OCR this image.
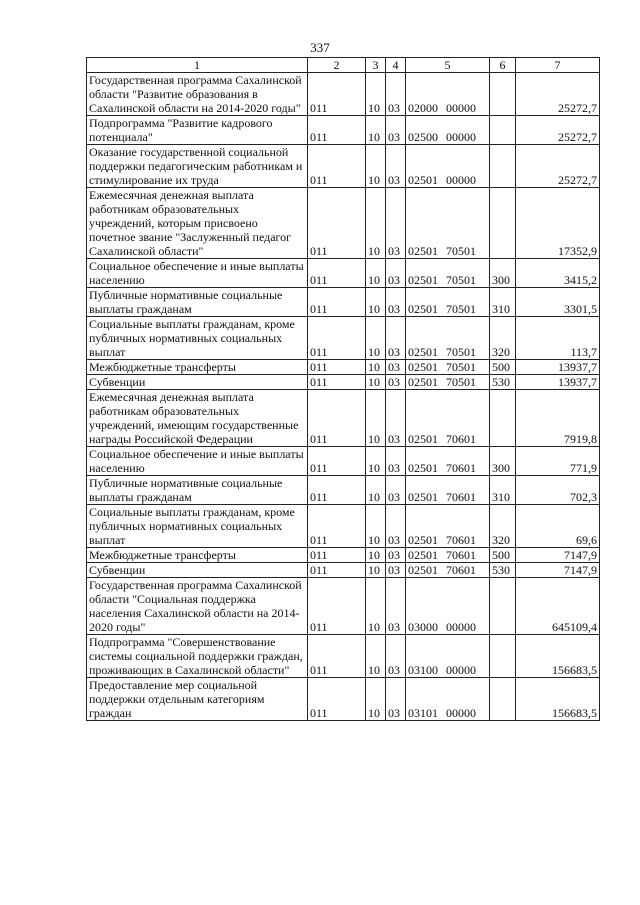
337
1	2	3	4	5	6	7
Государственная программа Сахалинской области "Развитие образования в Сахалинской области на 2014-2020 годы"	011	10	03	02000 00000		25272,7
Подпрограмма "Развитие кадрового потенциала"	011	10	03	02500 00000		25272,7
Оказание государственной социальной поддержки педагогическим работникам и стимулирование их труда	011	10	03	02501 00000		25272,7
Ежемесячная денежная выплата работникам образовательных учреждений, которым присвоено почетное звание "Заслуженный педагог Сахалинской области"	011	10	03	02501 70501		17352,9
Социальное обеспечение и иные выплаты населению	011	10	03	02501 70501	300	3415,2
Публичные нормативные социальные выплаты гражданам	011	10	03	02501 70501	310	3301,5
Социальные выплаты гражданам, кроме публичных нормативных социальных выплат	011	10	03	02501 70501	320	113,7
Межбюджетные трансферты	011	10	03	02501 70501	500	13937,7
Субвенции	011	10	03	02501 70501	530	13937,7
Ежемесячная денежная выплата работникам образовательных учреждений, имеющим государственные награды Российской Федерации	011	10	03	02501 70601		7919,8
Социальное обеспечение и иные выплаты населению	011	10	03	02501 70601	300	771,9
Публичные нормативные социальные выплаты гражданам	011	10	03	02501 70601	310	702,3
Социальные выплаты гражданам, кроме публичных нормативных социальных выплат	011	10	03	02501 70601	320	69,6
Межбюджетные трансферты	011	10	03	02501 70601	500	7147,9
Субвенции	011	10	03	02501 70601	530	7147,9
Государственная программа Сахалинской области "Социальная поддержка населения Сахалинской области на 2014-2020 годы"	011	10	03	03000 00000		645109,4
Подпрограмма "Совершенствование системы социальной поддержки граждан, проживающих в Сахалинской области"	011	10	03	03100 00000		156683,5
Предоставление мер социальной поддержки отдельным категориям граждан	011	10	03	03101 00000		156683,5
